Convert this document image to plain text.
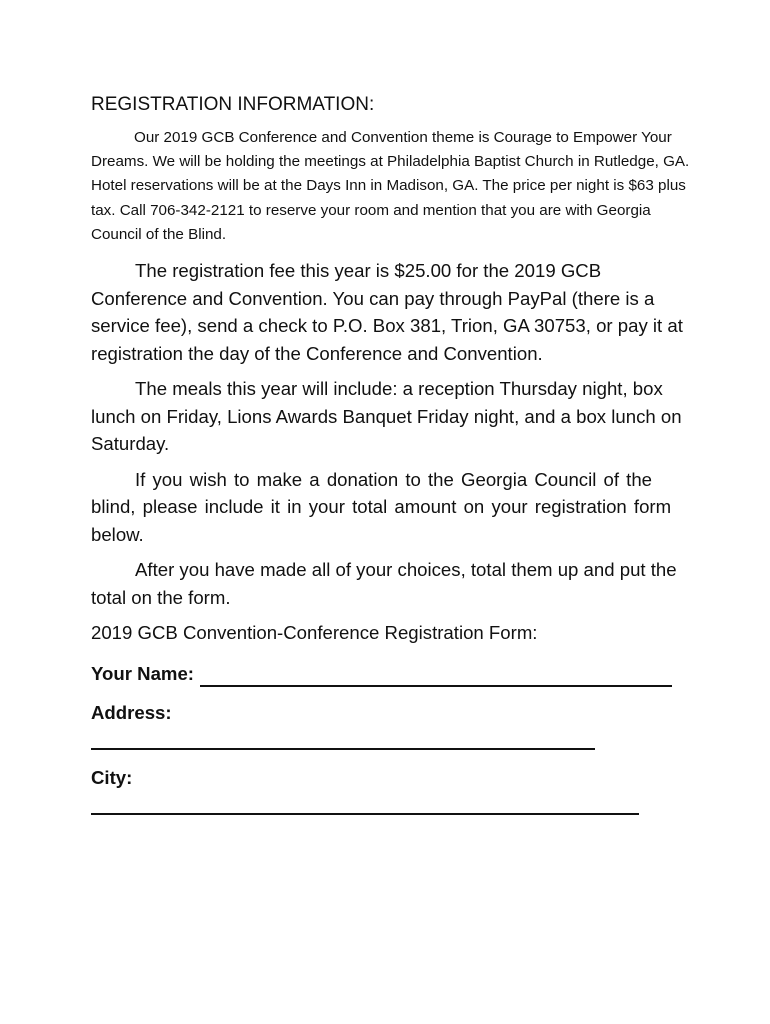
REGISTRATION INFORMATION:

Our 2019 GCB Conference and Convention theme is Courage to Empower Your Dreams. We will be holding the meetings at Philadelphia Baptist Church in Rutledge, GA. Hotel reservations will be at the Days Inn in Madison, GA. The price per night is $63 plus tax. Call 706-342-2121 to reserve your room and mention that you are with Georgia Council of the Blind.

The registration fee this year is $25.00 for the 2019 GCB Conference and Convention. You can pay through PayPal (there is a service fee), send a check to P.O. Box 381, Trion, GA 30753, or pay it at registration the day of the Conference and Convention.

The meals this year will include: a reception Thursday night, box lunch on Friday, Lions Awards Banquet Friday night, and a box lunch on Saturday.

If you wish to make a donation to the Georgia Council of the blind, please include it in your total amount on your registration form below.

After you have made all of your choices, total them up and put the total on the form.

2019 GCB Convention-Conference Registration Form:
Your Name:
Address:
City:
